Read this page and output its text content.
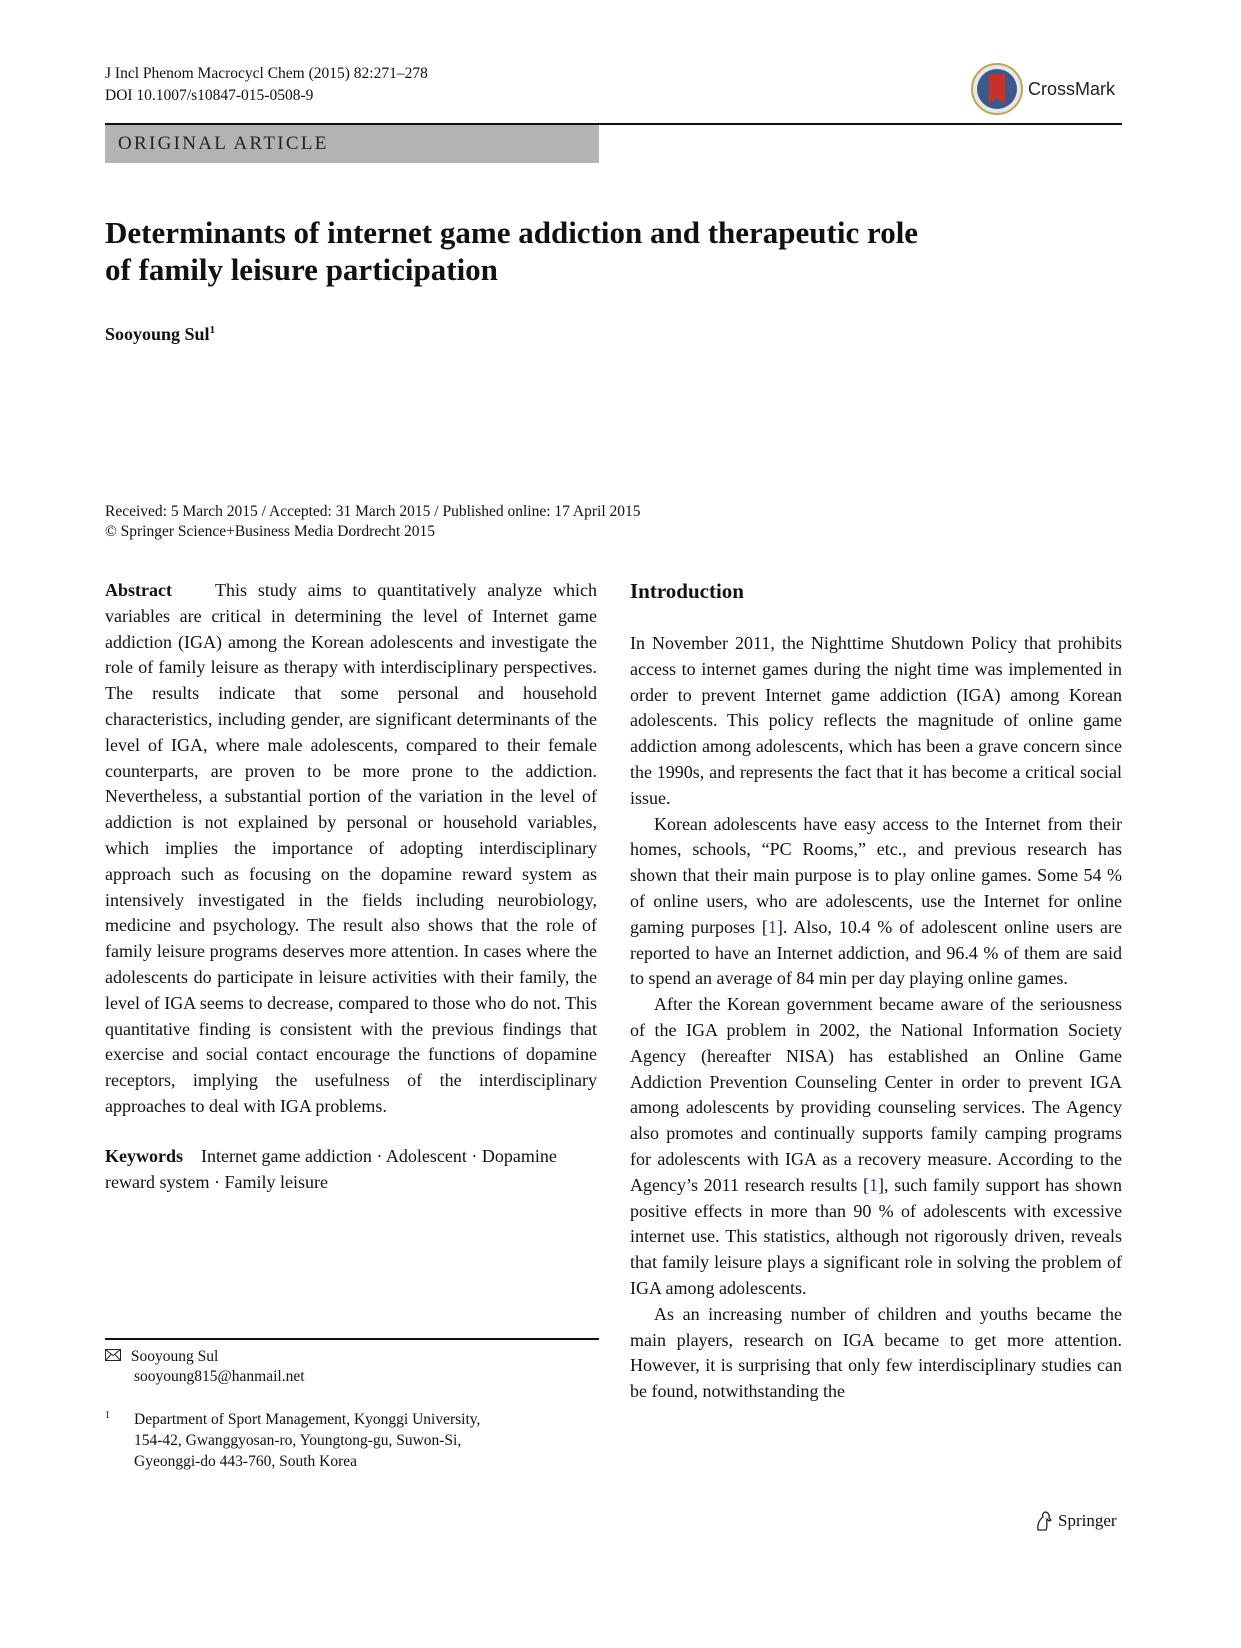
J Incl Phenom Macrocycl Chem (2015) 82:271–278
DOI 10.1007/s10847-015-0508-9	CrossMark
ORIGINAL ARTICLE
Determinants of internet game addiction and therapeutic role
of family leisure participation
Sooyoung Sul$^1$
Received: 5 March 2015 / Accepted: 31 March 2015 / Published online: 17 April 2015
© Springer Science+Business Media Dordrecht 2015

Abstract This study aims to quantitatively analyze which variables are critical in determining the level of Internet game addiction (IGA) among the Korean adolescents and investigate the role of family leisure as therapy with interdisciplinary perspectives. The results indicate that some personal and household characteristics, including gender, are significant determinants of the level of IGA, where male adolescents, compared to their female counterparts, are proven to be more prone to the addiction. Nevertheless, a substantial portion of the variation in the level of addiction is not explained by personal or household variables, which implies the importance of adopting interdisciplinary approach such as focusing on the dopamine reward system as intensively investigated in the fields including neurobiology, medicine and psychology. The result also shows that the role of family leisure programs deserves more attention. In cases where the adolescents do participate in leisure activities with their family, the level of IGA seems to decrease, compared to those who do not. This quantitative finding is consistent with the previous findings that exercise and social contact encourage the functions of dopamine receptors, implying the usefulness of the interdisciplinary approaches to deal with IGA problems.

Keywords Internet game addiction · Adolescent · Dopamine reward system · Family leisure

Sooyoung Sul
sooyoung815@hanmail.net
1 Department of Sport Management, Kyonggi University,
154-42, Gwanggyosan-ro, Youngtong-gu, Suwon-Si,
Gyeonggi-do 443-760, South Korea
Introduction

In November 2011, the Nighttime Shutdown Policy that prohibits access to internet games during the night time was implemented in order to prevent Internet game addiction (IGA) among Korean adolescents. This policy reflects the magnitude of online game addiction among adolescents, which has been a grave concern since the 1990s, and represents the fact that it has become a critical social issue.

Korean adolescents have easy access to the Internet from their homes, schools, “PC Rooms,” etc., and previous research has shown that their main purpose is to play online games. Some 54 % of online users, who are adolescents, use the Internet for online gaming purposes [1]. Also, 10.4 % of adolescent online users are reported to have an Internet addiction, and 96.4 % of them are said to spend an average of 84 min per day playing online games.

After the Korean government became aware of the seriousness of the IGA problem in 2002, the National Information Society Agency (hereafter NISA) has established an Online Game Addiction Prevention Counseling Center in order to prevent IGA among adolescents by providing counseling services. The Agency also promotes and continually supports family camping programs for adolescents with IGA as a recovery measure. According to the Agency’s 2011 research results [1], such family support has shown positive effects in more than 90 % of adolescents with excessive internet use. This statistics, although not rigorously driven, reveals that family leisure plays a significant role in solving the problem of IGA among adolescents.

As an increasing number of children and youths became the main players, research on IGA became to get more attention. However, it is surprising that only few interdisciplinary studies can be found, notwithstanding the

Springer
